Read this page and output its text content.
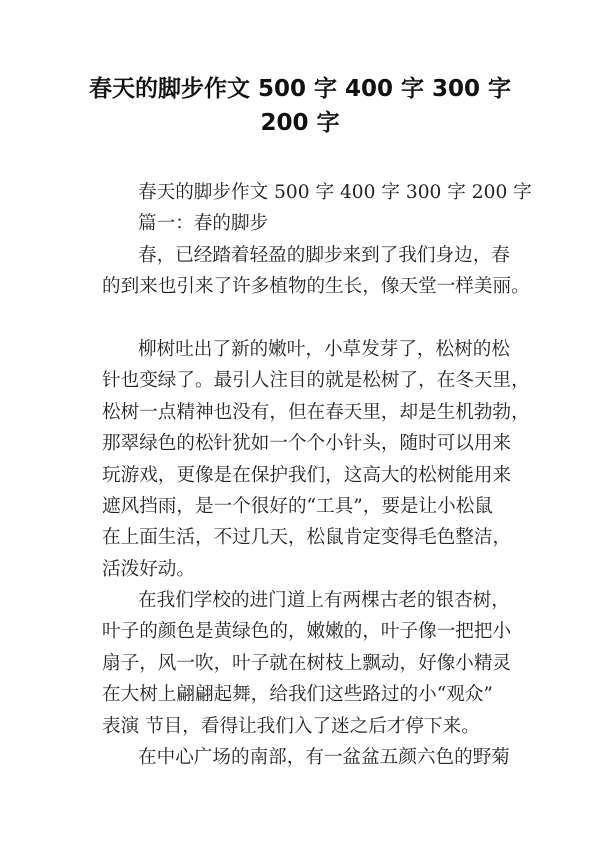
春天的脚步作文 500 字 400 字 300 字
200 字
春天的脚步作文 500 字 400 字 300 字 200 字
篇一：春的脚步
春，已经踏着轻盈的脚步来到了我们身边，春
的到来也引来了许多植物的生长，像天堂一样美丽。
柳树吐出了新的嫩叶，小草发芽了，松树的松
针也变绿了。最引人注目的就是松树了，在冬天里，
松树一点精神也没有，但在春天里，却是生机勃勃，
那翠绿色的松针犹如一个个小针头，随时可以用来
玩游戏，更像是在保护我们，这高大的松树能用来
遮风挡雨，是一个很好的“工具”，要是让小松鼠
在上面生活，不过几天，松鼠肯定变得毛色整洁，
活泼好动。
在我们学校的进门道上有两棵古老的银杏树，
叶子的颜色是黄绿色的，嫩嫩的，叶子像一把把小
扇子，风一吹，叶子就在树枝上飘动，好像小精灵
在大树上翩翩起舞，给我们这些路过的小“观众”
表演 节目，看得让我们入了迷之后才停下来。
在中心广场的南部，有一盆盆五颜六色的野菊
